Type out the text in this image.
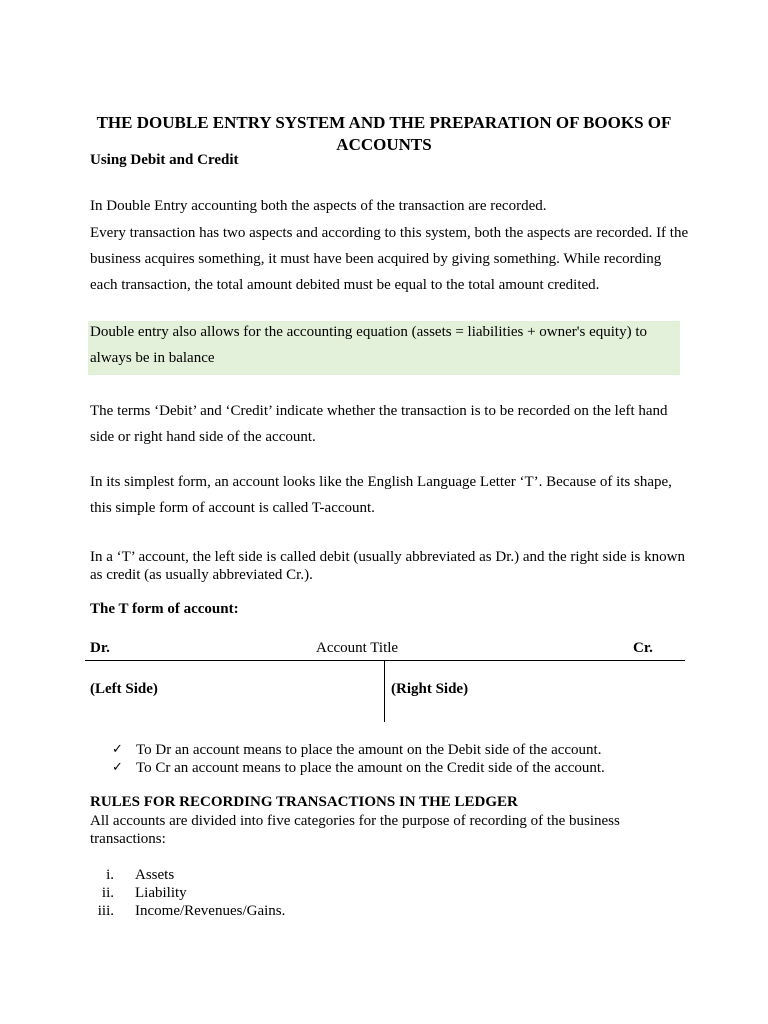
THE DOUBLE ENTRY SYSTEM AND THE PREPARATION OF BOOKS OF ACCOUNTS

Using Debit and Credit

In Double Entry accounting both the aspects of the transaction are recorded.

Every transaction has two aspects and according to this system, both the aspects are recorded. If the business acquires something, it must have been acquired by giving something. While recording each transaction, the total amount debited must be equal to the total amount credited.

Double entry also allows for the accounting equation (assets = liabilities + owner's equity) to always be in balance

The terms ‘Debit’ and ‘Credit’ indicate whether the transaction is to be recorded on the left hand side or right hand side of the account.

In its simplest form, an account looks like the English Language Letter ‘T’. Because of its shape, this simple form of account is called T-account.

In a ‘T’ account, the left side is called debit (usually abbreviated as Dr.) and the right side is known as credit (as usually abbreviated Cr.).

The T form of account:

Dr.	Account Title	Cr.
(Left Side)	(Right Side)
✓ To Dr an account means to place the amount on the Debit side of the account.
✓ To Cr an account means to place the amount on the Credit side of the account.

RULES FOR RECORDING TRANSACTIONS IN THE LEDGER

All accounts are divided into five categories for the purpose of recording of the business transactions:

i. Assets
ii. Liability
iii. Income/Revenues/Gains.
